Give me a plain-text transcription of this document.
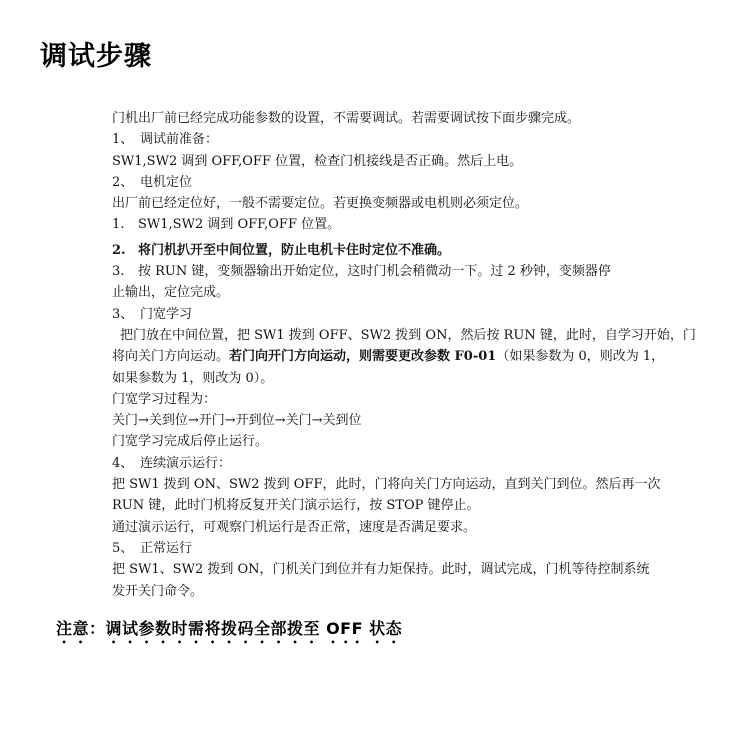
调试步骤

门机出厂前已经完成功能参数的设置，不需要调试。若需要调试按下面步骤完成。

1、 调试前准备：

SW1,SW2 调到 OFF,OFF 位置，检查门机接线是否正确。然后上电。

2、 电机定位

出厂前已经定位好，一般不需要定位。若更换变频器或电机则必须定位。

1. SW1,SW2 调到 OFF,OFF 位置。

2. 将门机扒开至中间位置，防止电机卡住时定位不准确。

3. 按 RUN 键，变频器输出开始定位，这时门机会稍微动一下。过 2 秒钟，变频器停

止输出，定位完成。

3、 门宽学习

把门放在中间位置，把 SW1 拨到 OFF、SW2 拨到 ON，然后按 RUN 键，此时，自学习开始，门

将向关门方向运动。若门向开门方向运动，则需要更改参数 F0-01（如果参数为 0，则改为 1，

如果参数为 1，则改为 0）。

门宽学习过程为：

关门→关到位→开门→开到位→关门→关到位

门宽学习完成后停止运行。

4、 连续演示运行：

把 SW1 拨到 ON、SW2 拨到 OFF，此时，门将向关门方向运动，直到关门到位。然后再一次

RUN 键，此时门机将反复开关门演示运行，按 STOP 键停止。

通过演示运行，可观察门机运行是否正常，速度是否满足要求。

5、 正常运行

把 SW1、SW2 拨到 ON，门机关门到位并有力矩保持。此时，调试完成，门机等待控制系统

发开关门命令。

注意：调试参数时需将拨码全部拨至 OFF 状态
